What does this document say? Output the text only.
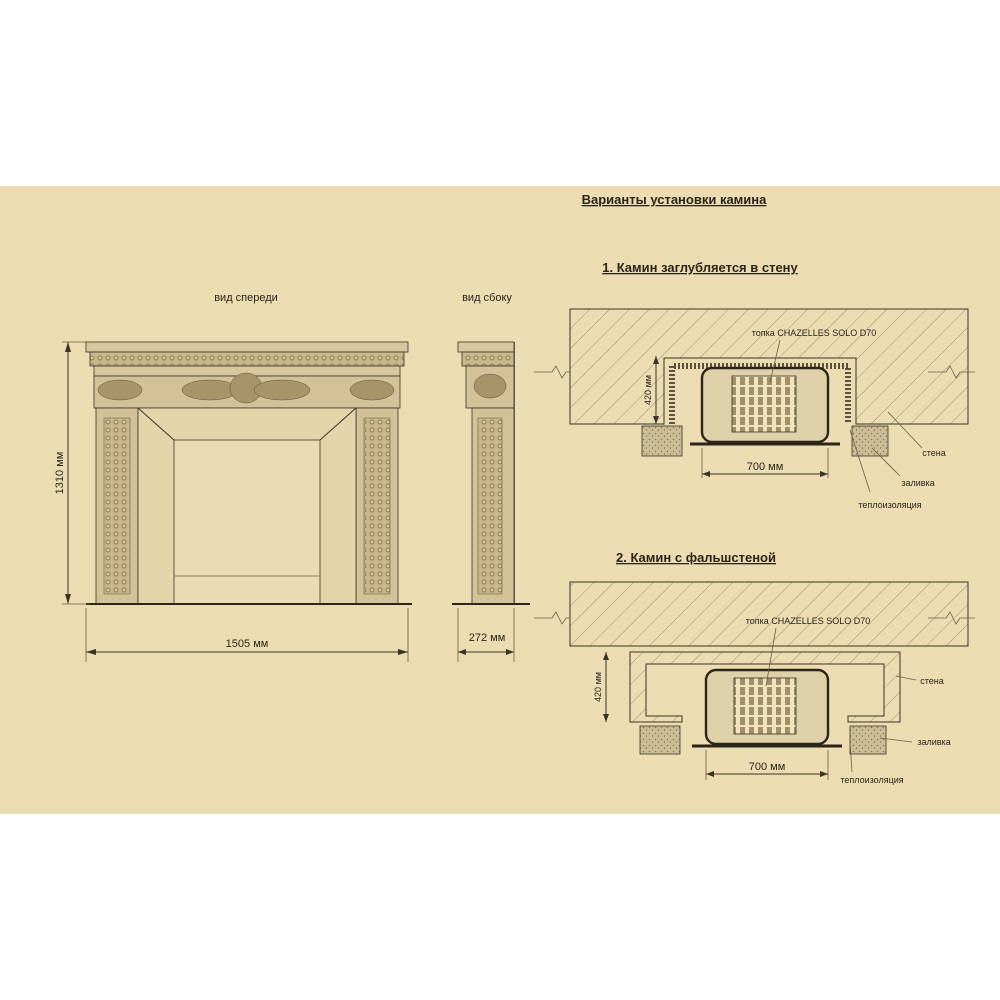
1310 мм
1505 мм
вид спереди	вид сбоку
272 мм
Варианты установки камина
1. Камин заглубляется в стену
топка CHAZELLES SOLO D70
420 мм
700 мм
стена
заливка
теплоизоляция
2. Камин с фальшстеной
топка CHAZELLES SOLO D70
420 мм
700 мм
стена
заливка
теплоизоляция
